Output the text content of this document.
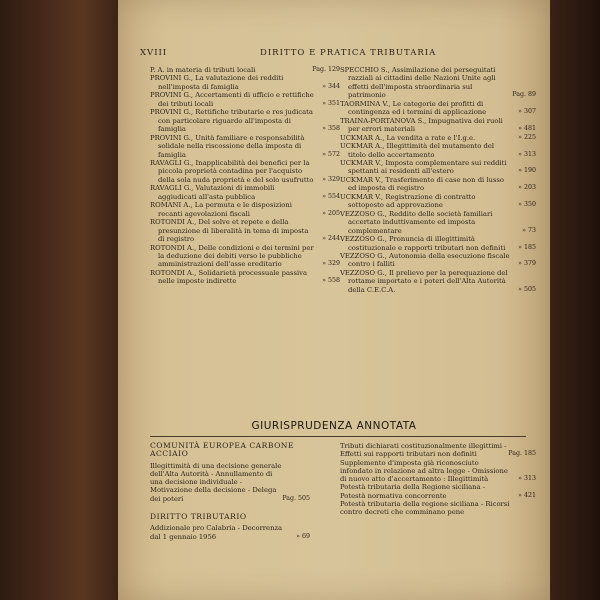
XVIII	DIRITTO E PRATICA TRIBUTARIA
P. A. in materia di tributi locali	Pag. 129
PROVINI G., La valutazione dei redditi nell'imposta di famiglia	» 344
PROVINI G., Accertamenti di ufficio e rettifiche dei tributi locali	» 351
PROVINI G., Rettifiche tributarie e res judicata con particolare riguardo all'imposta di famiglia	» 358
PROVINI G., Unità familiare e responsabilità solidale nella riscossione della imposta di famiglia	» 572
RAVAGLI G., Inapplicabilità dei benefici per la piccola proprietà contadina per l'acquisto della sola nuda proprietà e del solo usufrutto » 329
RAVAGLI G., Valutazioni di immobili aggiudicati all'asta pubblica	» 554
ROMANI A., La permuta e le disposizioni recanti agevolazioni fiscali	» 205
ROTONDI A., Del solve et repete e della presunzione di liberalità in tema di imposta di registro	» 244
ROTONDI A., Delle condizioni e dei termini per la deduzione dei debiti verso le pubbliche amministrazioni dell'asse ereditario	» 329
ROTONDI A., Solidarietà processuale passiva nelle imposte indirette	» 558
SPECCHIO S., Assimilazione dei perseguitati razziali ai cittadini delle Nazioni Unite agli effetti dell'imposta straordinaria sul patrimonio	Pag. 89
TAORMINA V., Le categorie dei profitti di contingenza ed i termini di applicazione	» 307
TRAINA-PORTANOVA S., Impugnativa dei ruoli per errori materiali	» 481
UCKMAR A., La vendita a rate e l'I.g.e.	» 225
UCKMAR A., Illegittimità del mutamento del titolo dello accertamento	» 313
UCKMAR V., Imposta complementare sui redditi spettanti ai residenti all'estero	» 190
UCKMAR V., Trasferimento di case non di lusso ed imposta di registro	» 203
UCKMAR V., Registrazione di contratto sottoposto ad approvazione	» 350
VEZZOSO G., Reddito delle società familiari accertato induttivamente ed imposta complementare	» 73
VEZZOSO G., Pronuncia di illegittimità costituzionale e rapporti tributari non definiti	» 185
VEZZOSO G., Autonomia della esecuzione fiscale contro i falliti	» 379
VEZZOSO G., Il prelievo per la perequazione del rottame importato e i poteri dell'Alta Autorità della C.E.C.A.	» 505
GIURISPRUDENZA ANNOTATA
COMUNITÀ EUROPEA CARBONE ACCIAIO
Illegittimità di una decisione generale dell'Alta Autorità - Annullamento di una decisione individuale - Motivazione della decisione - Delega dei poteri	Pag. 505
DIRITTO TRIBUTARIO
Addizionale pro Calabria - Decorrenza dal 1 gennaio 1956	» 69
Tributi dichiarati costituzionalmente illegittimi - Effetti sui rapporti tributari non definiti	Pag. 185
Supplemento d'imposta già riconosciuto infondato in relazione ad altra legge - Omissione di nuovo atto d'accertamento : Illegittimità	» 313
Potestà tributaria della Regione siciliana - Potestà normativa concorrente	» 421
Potestà tributaria della regione siciliana - Ricorsi contro decreti che comminano pene
